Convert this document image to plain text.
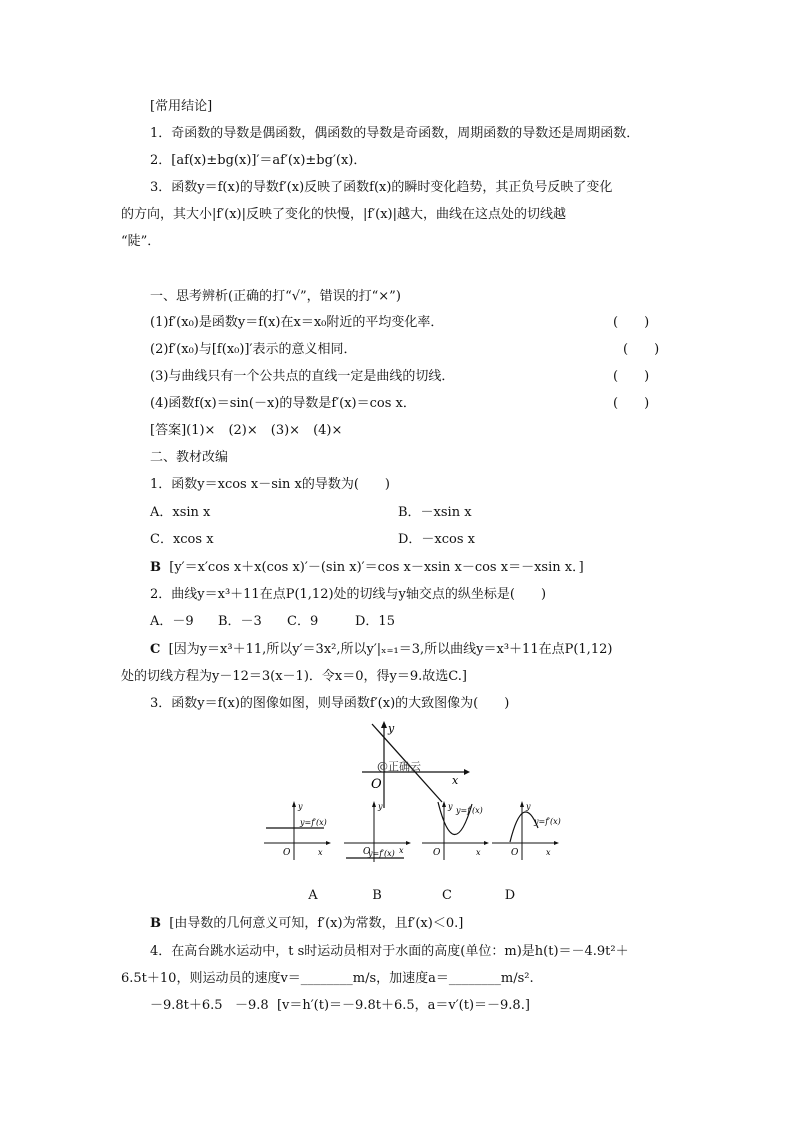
[常用结论]
1．奇函数的导数是偶函数，偶函数的导数是奇函数，周期函数的导数还是周期函数．
2．[af(x)±bg(x)]′＝af′(x)±bg′(x)．
3．函数y＝f(x)的导数f′(x)反映了函数f(x)的瞬时变化趋势，其正负号反映了变化
的方向，其大小|f′(x)|反映了变化的快慢，|f′(x)|越大，曲线在这点处的切线越
“陡”．
一、思考辨析(正确的打“√”，错误的打“×”)
(1)f′(x₀)是函数y＝f(x)在x＝x₀附近的平均变化率．	(　　)
(2)f′(x₀)与[f(x₀)]′表示的意义相同．	(　　)
(3)与曲线只有一个公共点的直线一定是曲线的切线．	(　　)
(4)函数f(x)＝sin(－x)的导数是f′(x)＝cos x．	(　　)
[答案](1)×　(2)×　(3)×　(4)×
二、教材改编
1．函数y＝xcos x－sin x的导数为(　　)
A．xsin x	B．－xsin x
C．xcos x	D．－xcos x
B [y′＝x′cos x＋x(cos x)′－(sin x)′＝cos x－xsin x－cos x＝－xsin x．]
2．曲线y＝x³＋11在点P(1,12)处的切线与y轴交点的纵坐标是(　　)
A．－9 B．－3 C．9	D．15
C [因为y＝x³＋11,所以y′＝3x²,所以y′|ₓ₌₁＝3,所以曲线y＝x³＋11在点P(1,12)
处的切线方程为y－12＝3(x－1)．令x＝0，得y＝9.故选C.]
3．函数y＝f(x)的图像如图，则导函数f′(x)的大致图像为(　　)
y
x
O
@正确云
y
x
O
y=f′(x)
y
x
O
y=f′(x)
y
x
O
y=f′(x)	y
x
O
y=f′(x)
A	B	C	D
B [由导数的几何意义可知，f′(x)为常数，且f′(x)＜0.]
4．在高台跳水运动中，t s时运动员相对于水面的高度(单位：m)是h(t)＝－4.9t²＋
6.5t＋10，则运动员的速度v＝________m/s，加速度a＝________m/s².
－9.8t＋6.5 －9.8 [v＝h′(t)＝－9.8t＋6.5，a＝v′(t)＝－9.8.]
